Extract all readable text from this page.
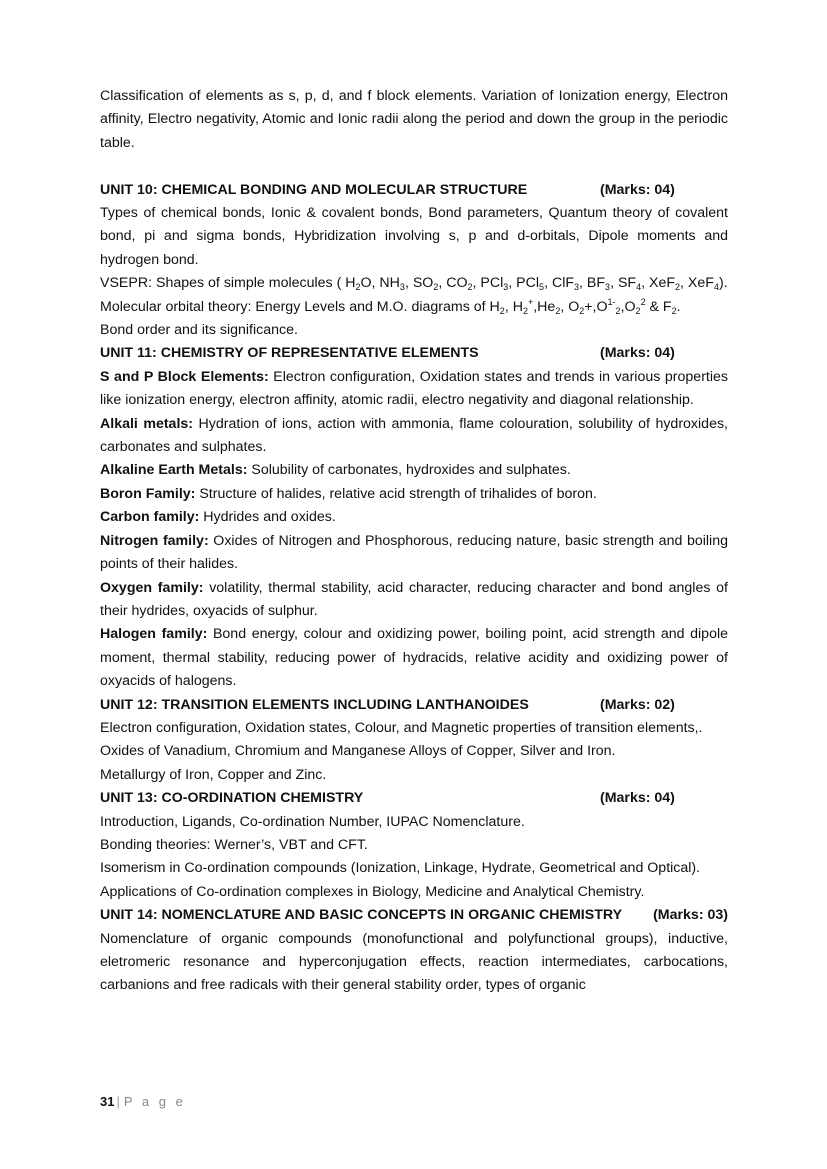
Classification of elements as s, p, d, and f block elements. Variation of Ionization energy, Electron affinity, Electro negativity, Atomic and Ionic radii along the period and down the group in the periodic table.

UNIT 10: CHEMICAL BONDING AND MOLECULAR STRUCTURE	(Marks: 04)

Types of chemical bonds, Ionic & covalent bonds, Bond parameters, Quantum theory of covalent bond, pi and sigma bonds, Hybridization involving s, p and d-orbitals, Dipole moments and hydrogen bond.

VSEPR: Shapes of simple molecules ( $H_2O$, $NH_3$, $SO_2$, $CO_2$, PCl$_3$, PCl$_5$, ClF$_3$, $BF_3$, $SF_4$, XeF$_2$, XeF$_4$).

Molecular orbital theory: Energy Levels and M.O. diagrams of $H_2$, $H_2^+,He_2$, $O_2+,O^{1-}_2,O_2^2$ & $F_2$.

Bond order and its significance.

UNIT 11: CHEMISTRY OF REPRESENTATIVE ELEMENTS	(Marks: 04)

S and P Block Elements: Electron configuration, Oxidation states and trends in various properties like ionization energy, electron affinity, atomic radii, electro negativity and diagonal relationship.

Alkali metals: Hydration of ions, action with ammonia, flame colouration, solubility of hydroxides, carbonates and sulphates.

Alkaline Earth Metals: Solubility of carbonates, hydroxides and sulphates.

Boron Family: Structure of halides, relative acid strength of trihalides of boron.

Carbon family: Hydrides and oxides.

Nitrogen family: Oxides of Nitrogen and Phosphorous, reducing nature, basic strength and boiling points of their halides.

Oxygen family: volatility, thermal stability, acid character, reducing character and bond angles of their hydrides, oxyacids of sulphur.

Halogen family: Bond energy, colour and oxidizing power, boiling point, acid strength and dipole moment, thermal stability, reducing power of hydracids, relative acidity and oxidizing power of oxyacids of halogens.

UNIT 12: TRANSITION ELEMENTS INCLUDING LANTHANOIDES	(Marks: 02)

Electron configuration, Oxidation states, Colour, and Magnetic properties of transition elements,.

Oxides of Vanadium, Chromium and Manganese Alloys of Copper, Silver and Iron.

Metallurgy of Iron, Copper and Zinc.

UNIT 13: CO-ORDINATION CHEMISTRY	(Marks: 04)

Introduction, Ligands, Co-ordination Number, IUPAC Nomenclature.

Bonding theories: Werner’s, VBT and CFT.

Isomerism in Co-ordination compounds (Ionization, Linkage, Hydrate, Geometrical and Optical).

Applications of Co-ordination complexes in Biology, Medicine and Analytical Chemistry.

UNIT 14: NOMENCLATURE AND BASIC CONCEPTS IN ORGANIC CHEMISTRY (Marks: 03)

Nomenclature of organic compounds (monofunctional and polyfunctional groups), inductive, eletromeric resonance and hyperconjugation effects, reaction intermediates, carbocations, carbanions and free radicals with their general stability order, types of organic

31 | P a g e
